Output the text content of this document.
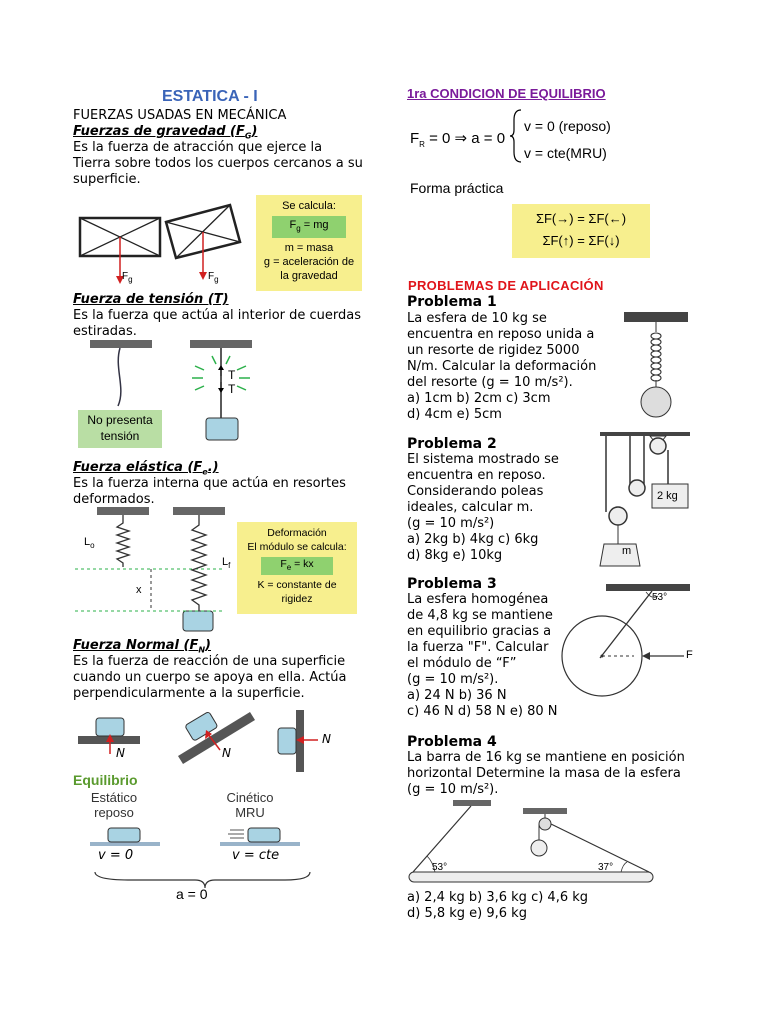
ESTATICA - I
FUERZAS USADAS EN MECÁNICA
Fuerzas de gravedad $(F_G)$
Es la fuerza de atracción que ejerce la
Tierra sobre todos los cuerpos cercanos a su
superficie.
$F_g$	$F_g$
Se calcula:
$F_g$ = mg
m = masa
g = aceleración de
la gravedad
Fuerza de tensión (T)
Es la fuerza que actúa al interior de cuerdas
estiradas.
T
T
No presenta
tensión
Fuerza elástica $(F_e.)$
Es la fuerza interna que actúa en resortes
deformados.
$L_o$
$L_f$
x
Deformación
El módulo se calcula:
$F_e$ = kx
K = constante de
rigidez
Fuerza Normal $(F_N)$
Es la fuerza de reacción de una superficie
cuando un cuerpo se apoya en ella. Actúa
perpendicularmente a la superficie.
N	N
N
Equilibrio
Estático
reposo
Cinético
MRU
v = 0	v = cte
a = 0
1ra CONDICION DE EQUILIBRIO
$F_R = 0$ ⇒ a = 0
v = 0 (reposo)
v = cte(MRU)
Forma práctica
ΣF(→) = ΣF(←)
ΣF(↑) = ΣF(↓)
PROBLEMAS DE APLICACIÓN
Problema 1
La esfera de 10 kg se
encuentra en reposo unida a
un resorte de rigidez 5000
N/m. Calcular la deformación
del resorte (g = 10 m/s²).
a) 1cm b) 2cm c) 3cm
d) 4cm e) 5cm
Problema 2
El sistema mostrado se
encuentra en reposo.
Considerando poleas
ideales, calcular m.
(g = 10 m/s²)
a) 2kg b) 4kg c) 6kg
d) 8kg e) 10kg
2 kg
m
Problema 3
La esfera homogénea
de 4,8 kg se mantiene
en equilibrio gracias a
la fuerza "F". Calcular
el módulo de “F”
(g = 10 m/s²).
a) 24 N b) 36 N
c) 46 N d) 58 N e) 80 N
53°
F
Problema 4
La barra de 16 kg se mantiene en posición
horizontal Determine la masa de la esfera
(g = 10 m/s²).
53°	37°
a) 2,4 kg b) 3,6 kg c) 4,6 kg
d) 5,8 kg e) 9,6 kg
